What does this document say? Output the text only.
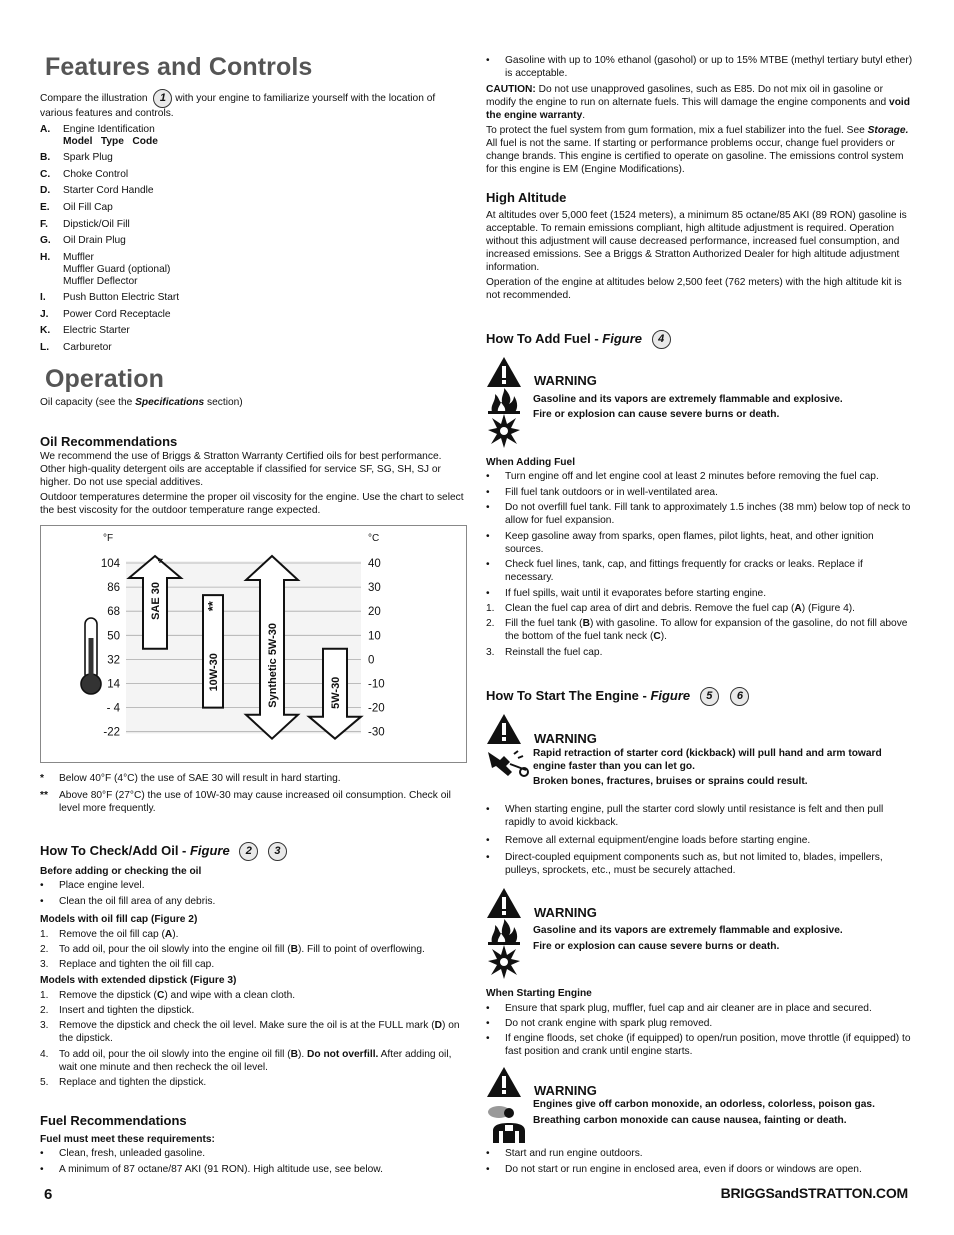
Features and Controls
Compare the illustration 1 with your engine to familiarize yourself with the location of various features and controls.
A. Engine Identification
Model   Type   Code
B. Spark Plug
C. Choke Control
D. Starter Cord Handle
E. Oil Fill Cap
F. Dipstick/Oil Fill
G. Oil Drain Plug
H. Muffler
Muffler Guard (optional)
Muffler Deflector
I. Push Button Electric Start
J. Power Cord Receptacle
K. Electric Starter
L. Carburetor
Operation
Oil capacity (see the Specifications section)
Oil Recommendations

We recommend the use of Briggs & Stratton Warranty Certified oils for best performance. Other high-quality detergent oils are acceptable if classified for service SF, SG, SH, SJ or higher. Do not use special additives.

Outdoor temperatures determine the proper oil viscosity for the engine. Use the chart to select the best viscosity for the outdoor temperature range expected.

* Below 40°F (4°C) the use of SAE 30 will result in hard starting.
** Above 80°F (27°C) the use of 10W-30 may cause increased oil consumption. Check oil level more frequently.
How To Check/Add Oil - Figure 2 3
Before adding or checking the oil
• Place engine level.
• Clean the oil fill area of any debris.
Models with oil fill cap (Figure 2)
1. Remove the oil fill cap (A).
2. To add oil, pour the oil slowly into the engine oil fill (B). Fill to point of overflowing.
3. Replace and tighten the oil fill cap.
Models with extended dipstick (Figure 3)
1. Remove the dipstick (C) and wipe with a clean cloth.
2. Insert and tighten the dipstick.
3. Remove the dipstick and check the oil level. Make sure the oil is at the FULL mark (D) on the dipstick.
4. To add oil, pour the oil slowly into the engine oil fill (B). Do not overfill. After adding oil, wait one minute and then recheck the oil level.
5. Replace and tighten the dipstick.
Fuel Recommendations
Fuel must meet these requirements:
• Clean, fresh, unleaded gasoline.
• A minimum of 87 octane/87 AKI (91 RON). High altitude use, see below.
104	40
86	30
68	20
50	10
32	0
14	-10
- 4	-20
-22	-30
°F	°C
SAE 30
*
10W-30
**
Synthetic 5W-30	5W-30
• Gasoline with up to 10% ethanol (gasohol) or up to 15% MTBE (methyl tertiary butyl ether) is acceptable.

CAUTION: Do not use unapproved gasolines, such as E85. Do not mix oil in gasoline or modify the engine to run on alternate fuels. This will damage the engine components and void the engine warranty.

To protect the fuel system from gum formation, mix a fuel stabilizer into the fuel. See Storage. All fuel is not the same. If starting or performance problems occur, change fuel providers or change brands. This engine is certified to operate on gasoline. The emissions control system for this engine is EM (Engine Modifications).

High Altitude

At altitudes over 5,000 feet (1524 meters), a minimum 85 octane/85 AKI (89 RON) gasoline is acceptable. To remain emissions compliant, high altitude adjustment is required. Operation without this adjustment will cause decreased performance, increased fuel consumption, and increased emissions. See a Briggs & Stratton Authorized Dealer for high altitude adjustment information.

Operation of the engine at altitudes below 2,500 feet (762 meters) with the high altitude kit is not recommended.

How To Add Fuel - Figure 4
WARNING
Gasoline and its vapors are extremely flammable and explosive.
Fire or explosion can cause severe burns or death.
When Adding Fuel
• Turn engine off and let engine cool at least 2 minutes before removing the fuel cap.
• Fill fuel tank outdoors or in well-ventilated area.
• Do not overfill fuel tank. Fill tank to approximately 1.5 inches (38 mm) below top of neck to allow for fuel expansion.
• Keep gasoline away from sparks, open flames, pilot lights, heat, and other ignition sources.
• Check fuel lines, tank, cap, and fittings frequently for cracks or leaks. Replace if necessary.
• If fuel spills, wait until it evaporates before starting engine.
1. Clean the fuel cap area of dirt and debris. Remove the fuel cap (A) (Figure 4).
2. Fill the fuel tank (B) with gasoline. To allow for expansion of the gasoline, do not fill above the bottom of the fuel tank neck (C).
3. Reinstall the fuel cap.
How To Start The Engine - Figure 5 6
WARNING
Rapid retraction of starter cord (kickback) will pull hand and arm toward engine faster than you can let go.
Broken bones, fractures, bruises or sprains could result.
• When starting engine, pull the starter cord slowly until resistance is felt and then pull rapidly to avoid kickback.
• Remove all external equipment/engine loads before starting engine.
• Direct-coupled equipment components such as, but not limited to, blades, impellers, pulleys, sprockets, etc., must be securely attached.
WARNING
Gasoline and its vapors are extremely flammable and explosive.
Fire or explosion can cause severe burns or death.
When Starting Engine
• Ensure that spark plug, muffler, fuel cap and air cleaner are in place and secured.
• Do not crank engine with spark plug removed.
• If engine floods, set choke (if equipped) to open/run position, move throttle (if equipped) to fast position and crank until engine starts.
WARNING
Engines give off carbon monoxide, an odorless, colorless, poison gas.
Breathing carbon monoxide can cause nausea, fainting or death.
• Start and run engine outdoors.
• Do not start or run engine in enclosed area, even if doors or windows are open.
6	BRIGGSandSTRATTON.COM
